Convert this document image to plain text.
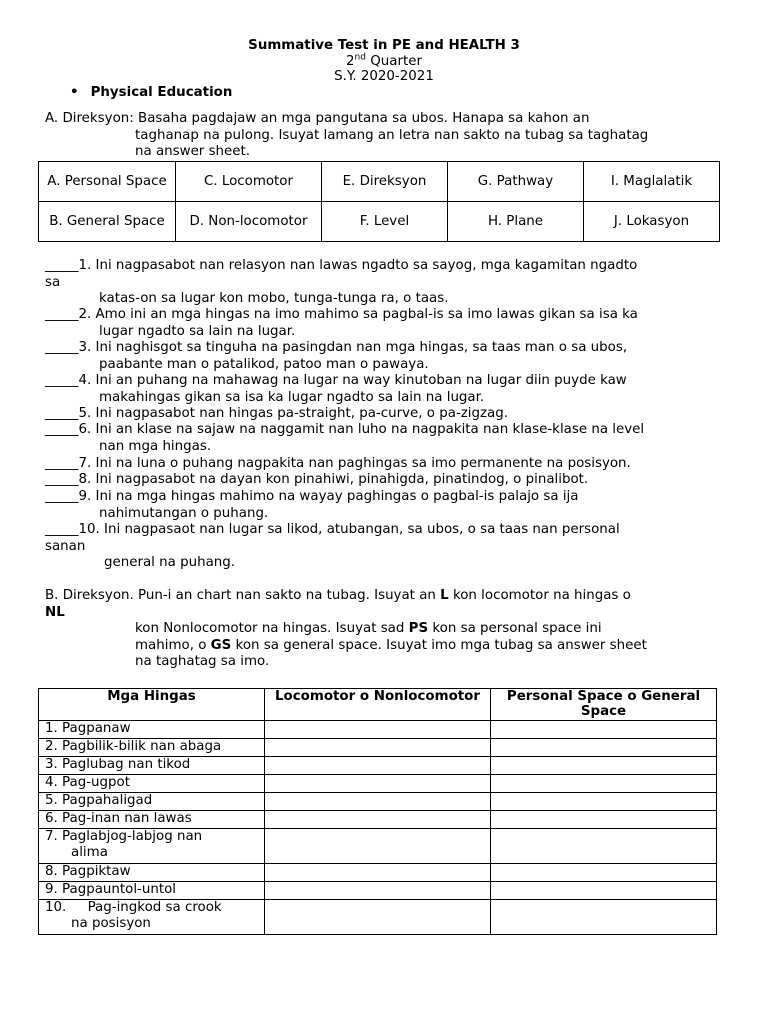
Summative Test in PE and HEALTH 3
2nd Quarter
S.Y. 2020-2021
• Physical Education
A. Direksyon: Basaha pagdajaw an mga pangutana sa ubos. Hanapa sa kahon an
taghanap na pulong. Isuyat lamang an letra nan sakto na tubag sa taghatag
na answer sheet.
A. Personal Space	C. Locomotor	E. Direksyon	G. Pathway	I. Maglalatik
B. General Space	D. Non-locomotor	F. Level	H. Plane	J. Lokasyon
_____1. Ini nagpasabot nan relasyon nan lawas ngadto sa sayog, mga kagamitan ngadto
sa
katas-on sa lugar kon mobo, tunga-tunga ra, o taas.
_____2. Amo ini an mga hingas na imo mahimo sa pagbal-is sa imo lawas gikan sa isa ka
lugar ngadto sa lain na lugar.
_____3. Ini naghisgot sa tinguha na pasingdan nan mga hingas, sa taas man o sa ubos,
paabante man o patalikod, patoo man o pawaya.
_____4. Ini an puhang na mahawag na lugar na way kinutoban na lugar diin puyde kaw
makahingas gikan sa isa ka lugar ngadto sa lain na lugar.
_____5. Ini nagpasabot nan hingas pa-straight, pa-curve, o pa-zigzag.
_____6. Ini an klase na sajaw na naggamit nan luho na nagpakita nan klase-klase na level
nan mga hingas.
_____7. Ini na luna o puhang nagpakita nan paghingas sa imo permanente na posisyon.
_____8. Ini nagpasabot na dayan kon pinahiwi, pinahigda, pinatindog, o pinalibot.
_____9. Ini na mga hingas mahimo na wayay paghingas o pagbal-is palajo sa ija
nahimutangan o puhang.
_____10. Ini nagpasaot nan lugar sa likod, atubangan, sa ubos, o sa taas nan personal
sanan
general na puhang.
B. Direksyon. Pun-i an chart nan sakto na tubag. Isuyat an L kon locomotor na hingas o
NL
kon Nonlocomotor na hingas. Isuyat sad PS kon sa personal space ini
mahimo, o GS kon sa general space. Isuyat imo mga tubag sa answer sheet
na taghatag sa imo.
Mga Hingas	Locomotor o Nonlocomotor	Personal Space o General Space
1. Pagpanaw		
2. Pagbilik-bilik nan abaga		
3. Paglubag nan tikod		
4. Pag-ugpot		
5. Pagpahaligad		
6. Pag-inan nan lawas		

7. Paglabjog-labjog nan
alima		

8. Pagpiktaw		
9. Pagpauntol-untol		

10.     Pag-ingkod sa crook
na posisyon		
